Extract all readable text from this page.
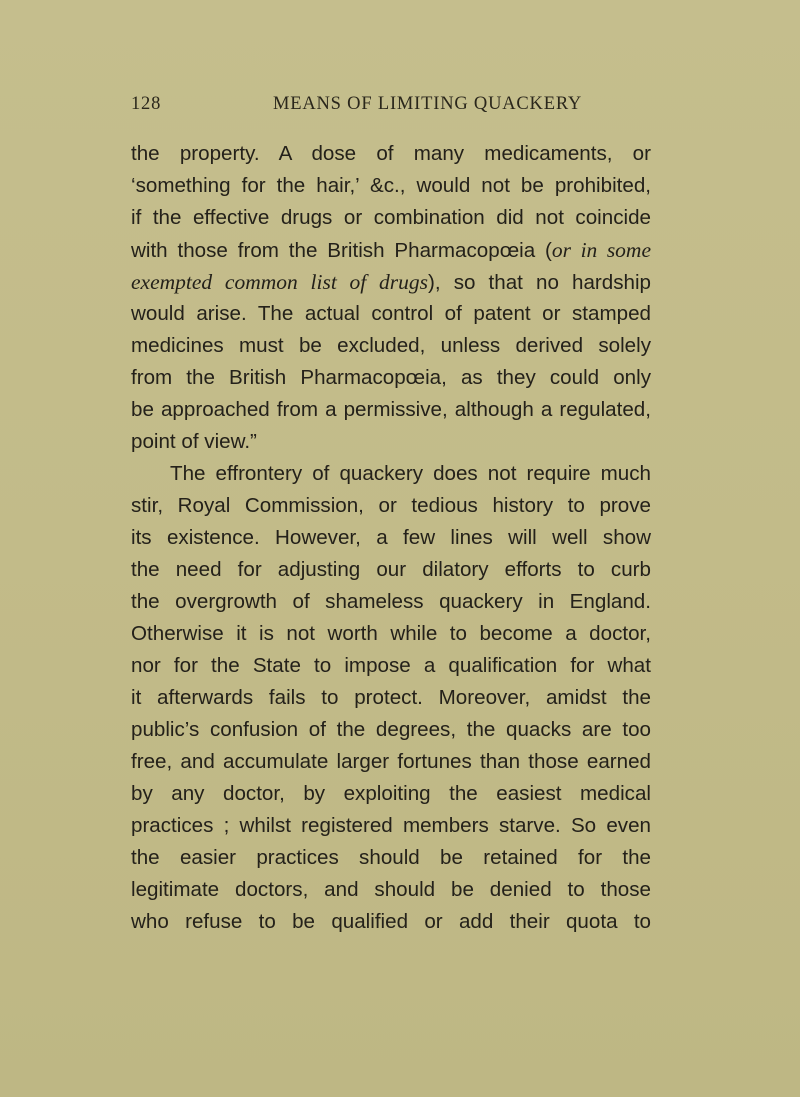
128	MEANS OF LIMITING QUACKERY
the property. A dose of many medicaments, or
‘something for the hair,’ &c., would not be prohibited,
if the effective drugs or combination did not coincide
with those from the British Pharmacopœia (or in some
exempted common list of drugs), so that no hardship
would arise. The actual control of patent or stamped
medicines must be excluded, unless derived solely
from the British Pharmacopœia, as they could only
be approached from a permissive, although a regulated,
point of view.”
The effrontery of quackery does not require much
stir, Royal Commission, or tedious history to prove
its existence. However, a few lines will well show
the need for adjusting our dilatory efforts to curb
the overgrowth of shameless quackery in England.
Otherwise it is not worth while to become a doctor,
nor for the State to impose a qualification for what
it afterwards fails to protect. Moreover, amidst the
public’s confusion of the degrees, the quacks are too
free, and accumulate larger fortunes than those earned
by any doctor, by exploiting the easiest medical
practices ; whilst registered members starve. So even
the easier practices should be retained for the
legitimate doctors, and should be denied to those
who refuse to be qualified or add their quota to
